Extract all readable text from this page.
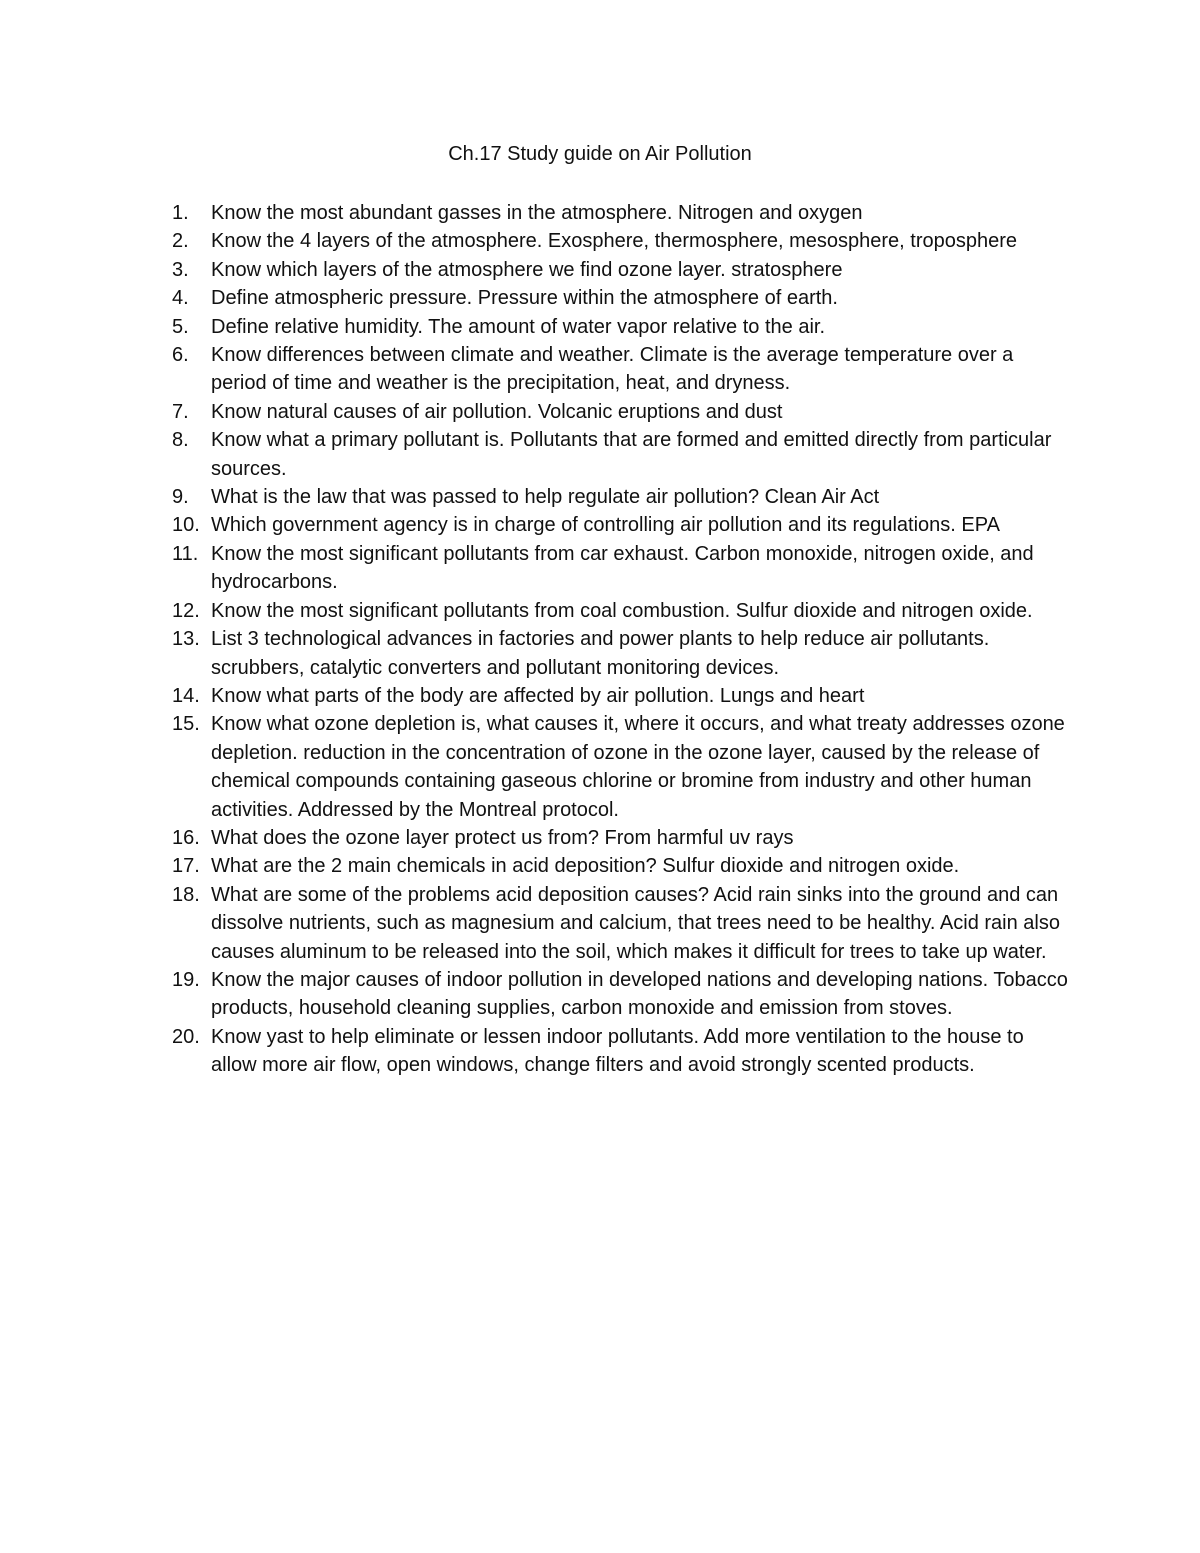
Ch.17 Study guide on Air Pollution
1.	Know the most abundant gasses in the atmosphere. Nitrogen and oxygen
2.	Know the 4 layers of the atmosphere. Exosphere, thermosphere, mesosphere, troposphere
3.	Know which layers of the atmosphere we find ozone layer. stratosphere
4.	Define atmospheric pressure. Pressure within the atmosphere of earth.
5.	Define relative humidity. The amount of water vapor relative to the air.
6.	Know differences between climate and weather. Climate is the average temperature over a period of time and weather is the precipitation, heat, and dryness.
7.	Know natural causes of air pollution. Volcanic eruptions and dust
8.	Know what a primary pollutant is. Pollutants that are formed and emitted directly from particular sources.
9.	What is the law that was passed to help regulate air pollution? Clean Air Act
10. Which government agency is in charge of controlling air pollution and its regulations. EPA
11. Know the most significant pollutants from car exhaust. Carbon monoxide, nitrogen oxide, and hydrocarbons.
12. Know the most significant pollutants from coal combustion. Sulfur dioxide and nitrogen oxide.
13. List 3 technological advances in factories and power plants to help reduce air pollutants. scrubbers, catalytic converters and pollutant monitoring devices.
14. Know what parts of the body are affected by air pollution. Lungs and heart
15. Know what ozone depletion is, what causes it, where it occurs, and what treaty addresses ozone depletion. reduction in the concentration of ozone in the ozone layer, caused by the release of chemical compounds containing gaseous chlorine or bromine from industry and other human activities. Addressed by the Montreal protocol.
16. What does the ozone layer protect us from? From harmful uv rays
17. What are the 2 main chemicals in acid deposition? Sulfur dioxide and nitrogen oxide.
18. What are some of the problems acid deposition causes? Acid rain sinks into the ground and can dissolve nutrients, such as magnesium and calcium, that trees need to be healthy. Acid rain also causes aluminum to be released into the soil, which makes it difficult for trees to take up water.
19. Know the major causes of indoor pollution in developed nations and developing nations. Tobacco products, household cleaning supplies, carbon monoxide and emission from stoves.
20. Know yast to help eliminate or lessen indoor pollutants. Add more ventilation to the house to allow more air flow, open windows, change filters and avoid strongly scented products.
